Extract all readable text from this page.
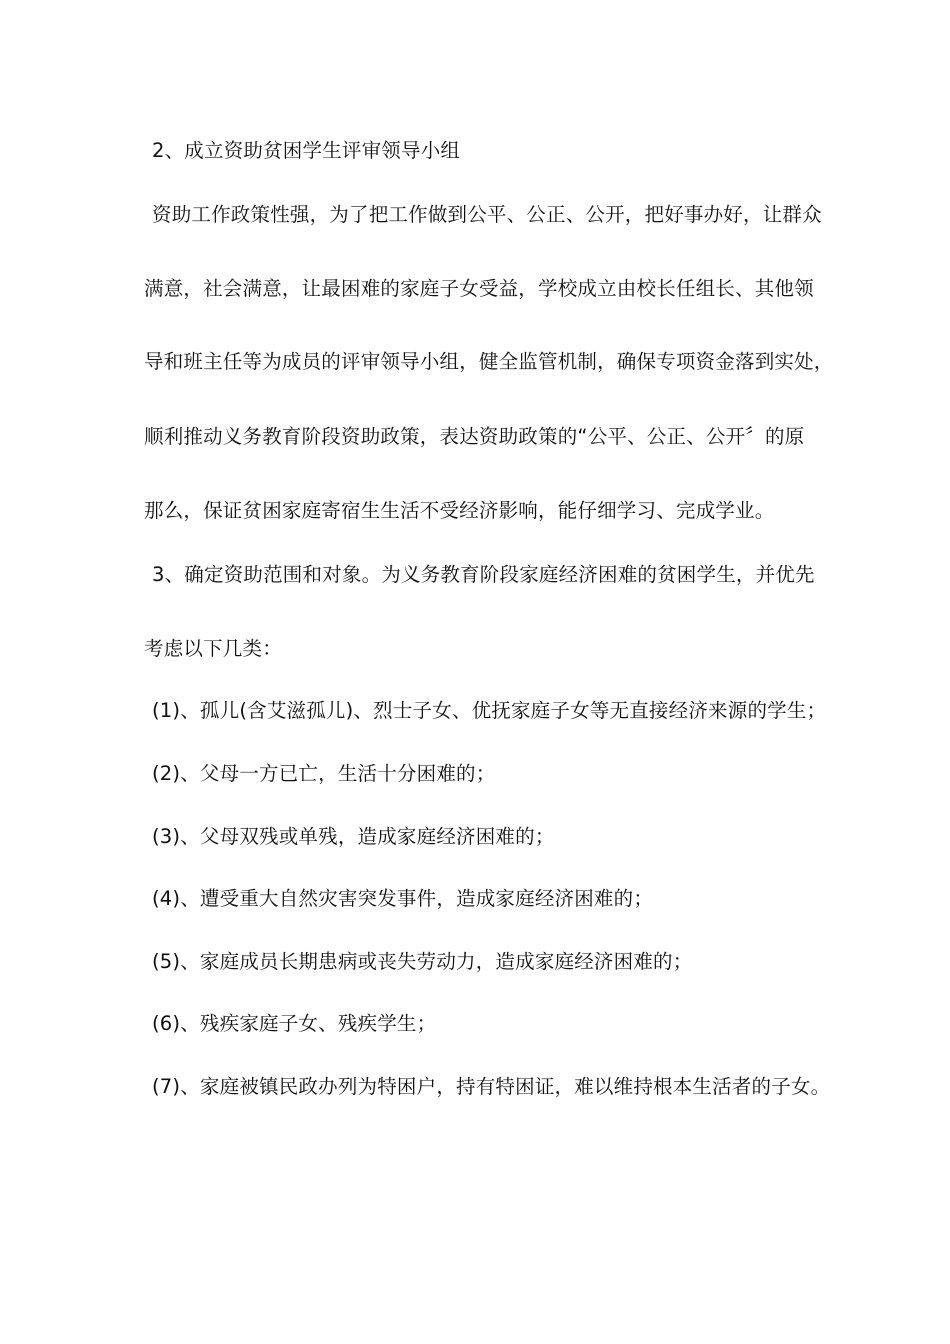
2、成立资助贫困学生评审领导小组
资助工作政策性强，为了把工作做到公平、公正、公开，把好事办好，让群众
满意，社会满意，让最困难的家庭子女受益，学校成立由校长任组长、其他领
导和班主任等为成员的评审领导小组，健全监管机制，确保专项资金落到实处，
顺利推动义务教育阶段资助政策，表达资助政策的“公平、公正、公开〞的原
那么，保证贫困家庭寄宿生生活不受经济影响，能仔细学习、完成学业。
3、确定资助范围和对象。为义务教育阶段家庭经济困难的贫困学生，并优先
考虑以下几类：
(1)、孤儿(含艾滋孤儿)、烈士子女、优抚家庭子女等无直接经济来源的学生；
(2)、父母一方已亡，生活十分困难的；
(3)、父母双残或单残，造成家庭经济困难的；
(4)、遭受重大自然灾害突发事件，造成家庭经济困难的；
(5)、家庭成员长期患病或丧失劳动力，造成家庭经济困难的；
(6)、残疾家庭子女、残疾学生；
(7)、家庭被镇民政办列为特困户，持有特困证，难以维持根本生活者的子女。
